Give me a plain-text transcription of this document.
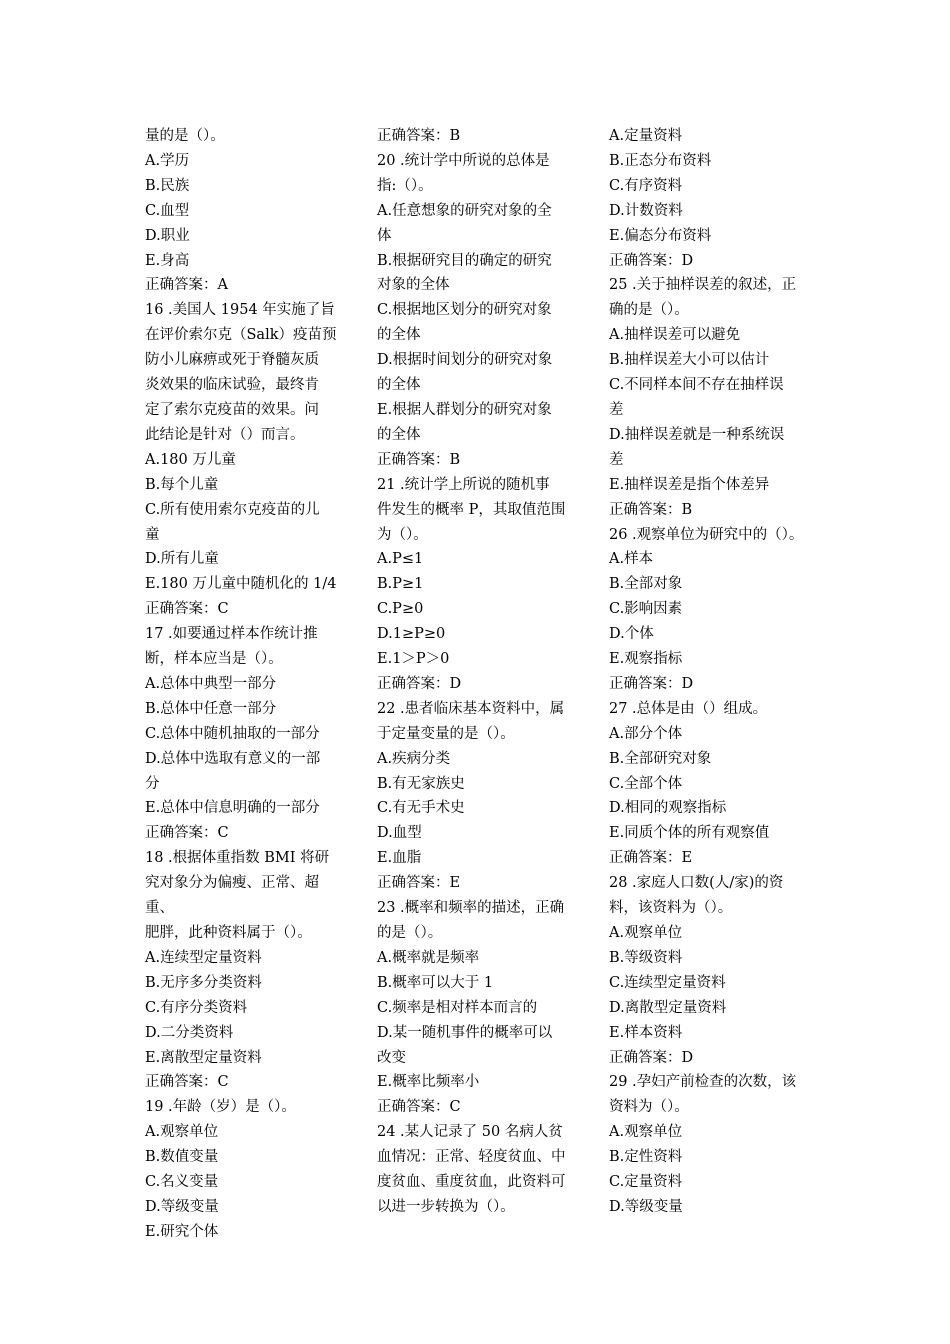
量的是（）。
A.学历
B.民族
C.血型
D.职业
E.身高
正确答案：A
16 .美国人 1954 年实施了旨
在评价索尔克（Salk）疫苗预
防小儿麻痹或死于脊髓灰质
炎效果的临床试验，最终肯
定了索尔克疫苗的效果。问
此结论是针对（）而言。
A.180 万儿童
B.每个儿童
C.所有使用索尔克疫苗的儿
童
D.所有儿童
E.180 万儿童中随机化的 1/4
正确答案：C
17 .如要通过样本作统计推
断，样本应当是（）。
A.总体中典型一部分
B.总体中任意一部分
C.总体中随机抽取的一部分
D.总体中选取有意义的一部
分
E.总体中信息明确的一部分
正确答案：C
18 .根据体重指数 BMI 将研
究对象分为偏瘦、正常、超重、
肥胖，此种资料属于（）。
A.连续型定量资料
B.无序多分类资料
C.有序分类资料
D.二分类资料
E.离散型定量资料
正确答案：C
19 .年龄（岁）是（）。
A.观察单位
B.数值变量
C.名义变量
D.等级变量
E.研究个体
正确答案：B
20 .统计学中所说的总体是
指:（）。
A.任意想象的研究对象的全
体
B.根据研究目的确定的研究
对象的全体
C.根据地区划分的研究对象
的全体
D.根据时间划分的研究对象
的全体
E.根据人群划分的研究对象
的全体
正确答案：B
21 .统计学上所说的随机事
件发生的概率 P，其取值范围
为（）。
A.P≤1
B.P≥1
C.P≥0
D.1≥P≥0
E.1＞P＞0
正确答案：D
22 .患者临床基本资料中，属
于定量变量的是（）。
A.疾病分类
B.有无家族史
C.有无手术史
D.血型
E.血脂
正确答案：E
23 .概率和频率的描述，正确
的是（）。
A.概率就是频率
B.概率可以大于 1
C.频率是相对样本而言的
D.某一随机事件的概率可以
改变
E.概率比频率小
正确答案：C
24 .某人记录了 50 名病人贫
血情况：正常、轻度贫血、中
度贫血、重度贫血，此资料可
以进一步转换为（）。
A.定量资料
B.正态分布资料
C.有序资料
D.计数资料
E.偏态分布资料
正确答案：D
25 .关于抽样误差的叙述，正
确的是（）。
A.抽样误差可以避免
B.抽样误差大小可以估计
C.不同样本间不存在抽样误
差
D.抽样误差就是一种系统误
差
E.抽样误差是指个体差异
正确答案：B
26 .观察单位为研究中的（）。
A.样本
B.全部对象
C.影响因素
D.个体
E.观察指标
正确答案：D
27 .总体是由（）组成。
A.部分个体
B.全部研究对象
C.全部个体
D.相同的观察指标
E.同质个体的所有观察值
正确答案：E
28 .家庭人口数(人/家)的资
料，该资料为（）。
A.观察单位
B.等级资料
C.连续型定量资料
D.离散型定量资料
E.样本资料
正确答案：D
29 .孕妇产前检查的次数，该
资料为（）。
A.观察单位
B.定性资料
C.定量资料
D.等级变量
